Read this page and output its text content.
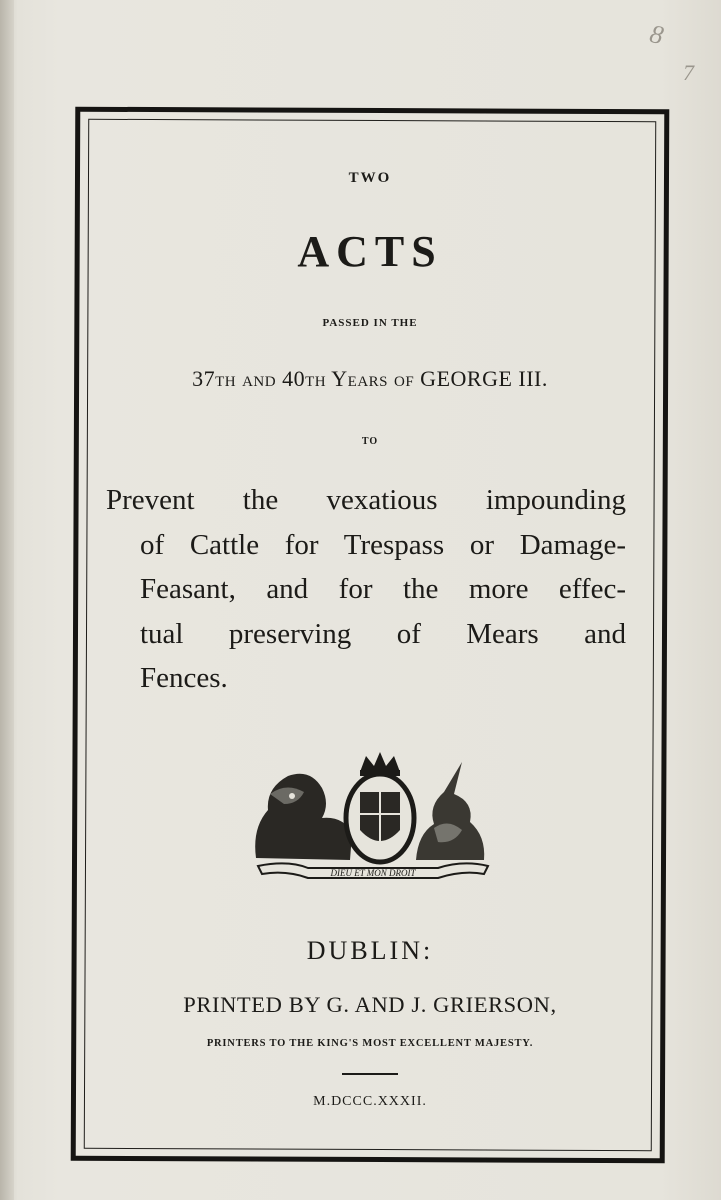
8
7
TWO
ACTS
PASSED IN THE
37th and 40th Years of GEORGE III.
TO
Prevent the vexatious impounding
of Cattle for Trespass or Damage-
Feasant, and for the more effec-
tual preserving of Mears and
Fences.
DIEU ET MON DROIT
DUBLIN:
PRINTED BY G. AND J. GRIERSON,
PRINTERS TO THE KING'S MOST EXCELLENT MAJESTY.
M.DCCC.XXXII.
